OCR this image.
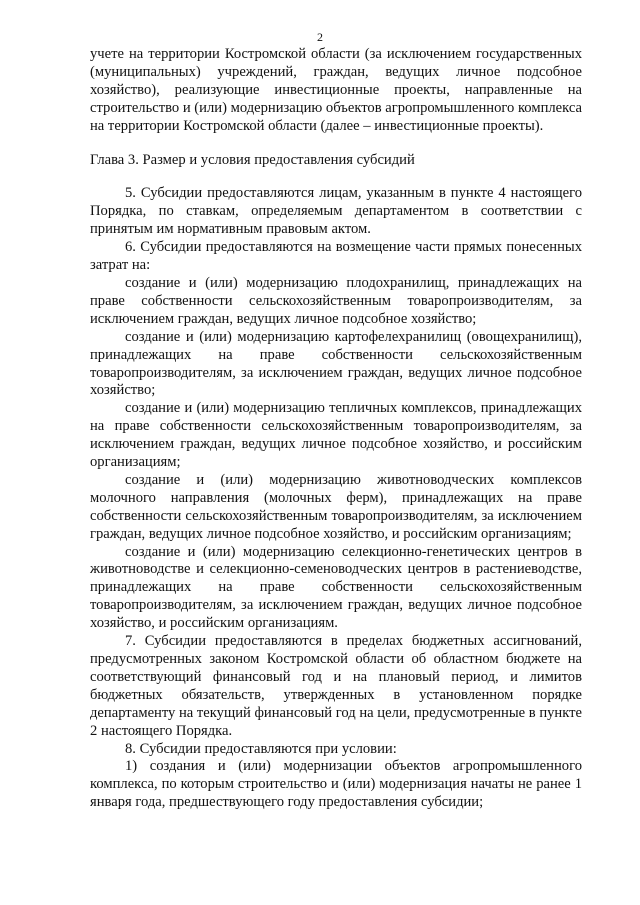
2

учете на территории Костромской области (за исключением государственных (муниципальных) учреждений, граждан, ведущих личное подсобное хозяйство), реализующие инвестиционные проекты, направленные на строительство и (или) модернизацию объектов агропромышленного комплекса на территории Костромской области (далее – инвестиционные проекты).

Глава 3. Размер и условия предоставления субсидий

5. Субсидии предоставляются лицам, указанным в пункте 4 настоящего Порядка, по ставкам, определяемым департаментом в соответствии с принятым им нормативным правовым актом.

6. Субсидии предоставляются на возмещение части прямых понесенных затрат на:

создание и (или) модернизацию плодохранилищ, принадлежащих на праве собственности сельскохозяйственным товаропроизводителям, за исключением граждан, ведущих личное подсобное хозяйство;

создание и (или) модернизацию картофелехранилищ (овощехранилищ), принадлежащих на праве собственности сельскохозяйственным товаропроизводителям, за исключением граждан, ведущих личное подсобное хозяйство;

создание и (или) модернизацию тепличных комплексов, принадлежащих на праве собственности сельскохозяйственным товаропроизводителям, за исключением граждан, ведущих личное подсобное хозяйство, и российским организациям;

создание и (или) модернизацию животноводческих комплексов молочного направления (молочных ферм), принадлежащих на праве собственности сельскохозяйственным товаропроизводителям, за исключением граждан, ведущих личное подсобное хозяйство, и российским организациям;

создание и (или) модернизацию селекционно-генетических центров в животноводстве и селекционно-семеноводческих центров в растениеводстве, принадлежащих на праве собственности сельскохозяйственным товаропроизводителям, за исключением граждан, ведущих личное подсобное хозяйство, и российским организациям.

7. Субсидии предоставляются в пределах бюджетных ассигнований, предусмотренных законом Костромской области об областном бюджете на соответствующий финансовый год и на плановый период, и лимитов бюджетных обязательств, утвержденных в установленном порядке департаменту на текущий финансовый год на цели, предусмотренные в пункте 2 настоящего Порядка.

8. Субсидии предоставляются при условии:

1) создания и (или) модернизации объектов агропромышленного комплекса, по которым строительство и (или) модернизация начаты не ранее 1 января года, предшествующего году предоставления субсидии;
